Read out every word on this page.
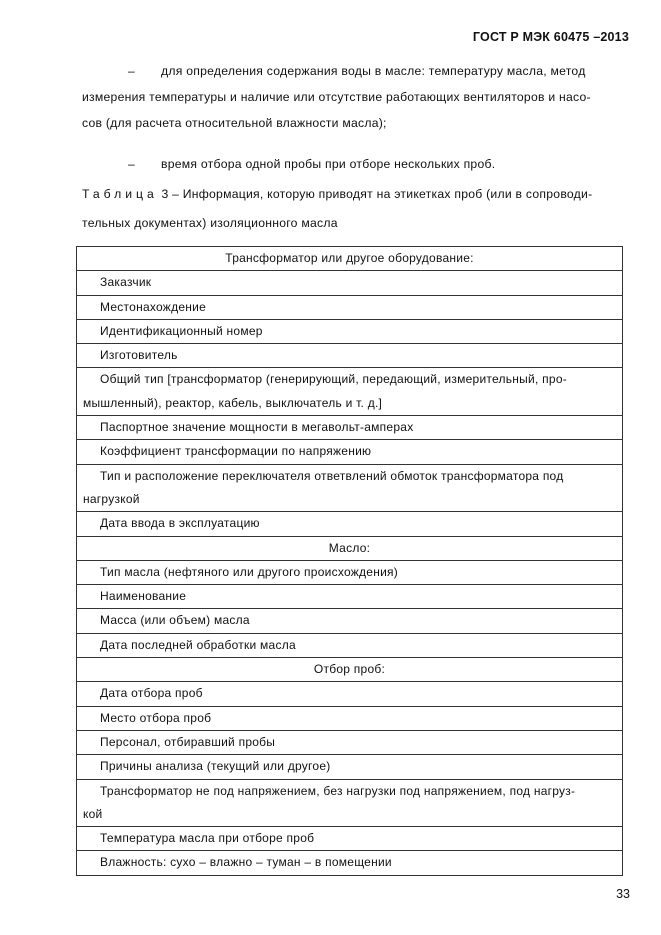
ГОСТ Р МЭК 60475 –2013
–	для определения содержания воды в масле: температуру масла, метод
измерения температуры и наличие или отсутствие работающих вентиляторов и насо-
сов (для расчета относительной влажности масла);
–	время отбора одной пробы при отборе нескольких проб.
Таблица 3 – Информация, которую приводят на этикетках проб (или в сопроводи-
тельных документах) изоляционного масла
Трансформатор или другое оборудование:

Заказчик

Местонахождение

Идентификационный номер

Изготовитель

Общий тип [трансформатор (генерирующий, передающий, измерительный, про-
мышленный), реактор, кабель, выключатель и т. д.]

Паспортное значение мощности в мегавольт-амперах

Коэффициент трансформации по напряжению

Тип и расположение переключателя ответвлений обмоток трансформатора под
нагрузкой

Дата ввода в эксплуатацию

Масло:

Тип масла (нефтяного или другого происхождения)

Наименование

Масса (или объем) масла

Дата последней обработки масла

Отбор проб:

Дата отбора проб

Место отбора проб

Персонал, отбиравший пробы

Причины анализа (текущий или другое)

Трансформатор не под напряжением, без нагрузки под напряжением, под нагруз-
кой

Температура масла при отборе проб

Влажность: сухо – влажно – туман – в помещении
33
